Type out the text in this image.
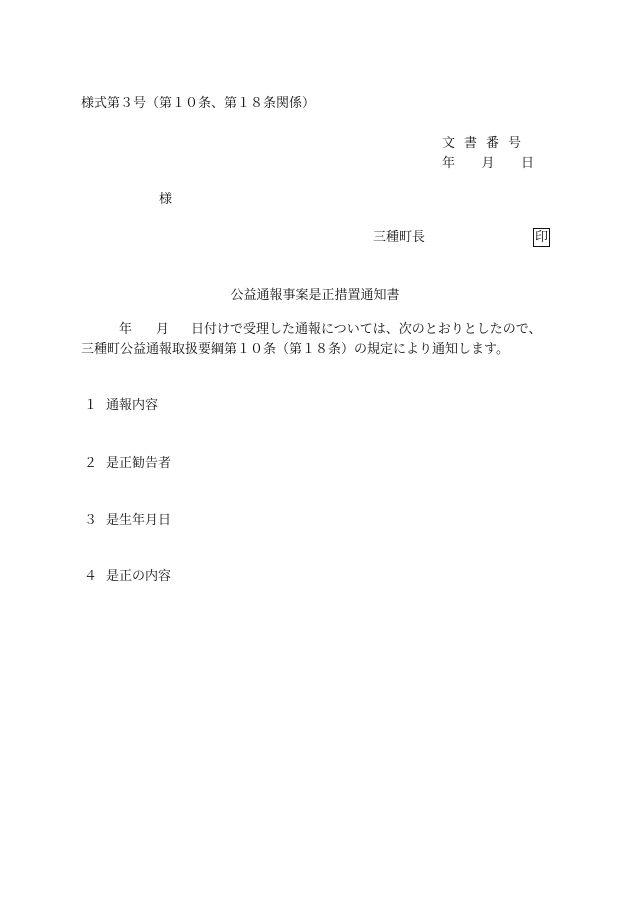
様式第３号（第１０条、第１８条関係）
文書番号
年 月 日
様
三種町長	印
公益通報事案是正措置通知書
年 月 日付けで受理した通報については、次のとおりとしたので、
三種町公益通報取扱要綱第１０条（第１８条）の規定により通知します。
１ 通報内容
２ 是正勧告者
３ 是生年月日
４ 是正の内容
